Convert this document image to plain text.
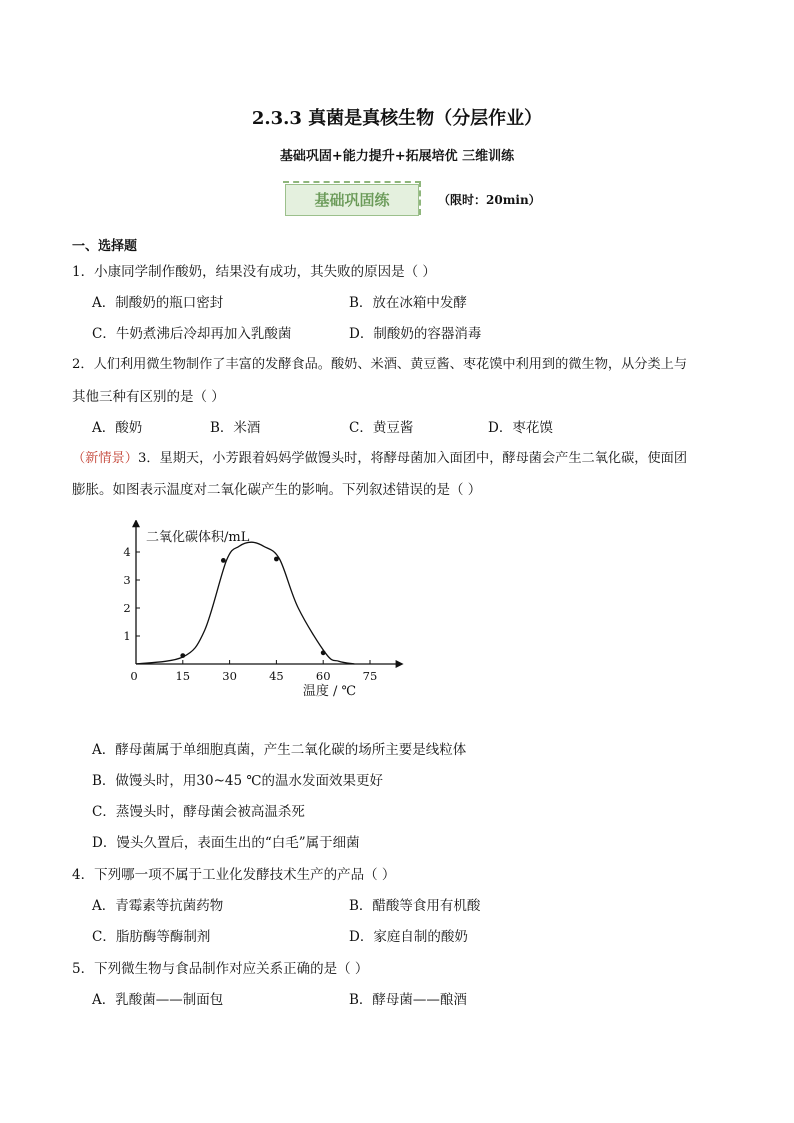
2.3.3 真菌是真核生物（分层作业）
基础巩固+能力提升+拓展培优 三维训练
基础巩固练	（限时：20min）
一、选择题
1．小康同学制作酸奶，结果没有成功，其失败的原因是（ ）
A．制酸奶的瓶口密封	B．放在冰箱中发酵
C．牛奶煮沸后冷却再加入乳酸菌	D．制酸奶的容器消毒
2．人们利用微生物制作了丰富的发酵食品。酸奶、米酒、黄豆酱、枣花馍中利用到的微生物，从分类上与
其他三种有区别的是（ ）
A．酸奶	B．米酒	C．黄豆酱	D．枣花馍
（新情景）3．星期天，小芳跟着妈妈学做馒头时，将酵母菌加入面团中，酵母菌会产生二氧化碳，使面团
膨胀。如图表示温度对二氧化碳产生的影响。下列叙述错误的是（ ）
0	15	30	45	60	75
1
2
3
4
二氧化碳体积/mL
温度 / ℃
A．酵母菌属于单细胞真菌，产生二氧化碳的场所主要是线粒体
B．做馒头时，用30~45 ℃的温水发面效果更好
C．蒸馒头时，酵母菌会被高温杀死
D．馒头久置后，表面生出的“白毛”属于细菌
4．下列哪一项不属于工业化发酵技术生产的产品（ ）
A．青霉素等抗菌药物	B．醋酸等食用有机酸
C．脂肪酶等酶制剂	D．家庭自制的酸奶
5．下列微生物与食品制作对应关系正确的是（ ）
A．乳酸菌——制面包	B．酵母菌——酿酒
